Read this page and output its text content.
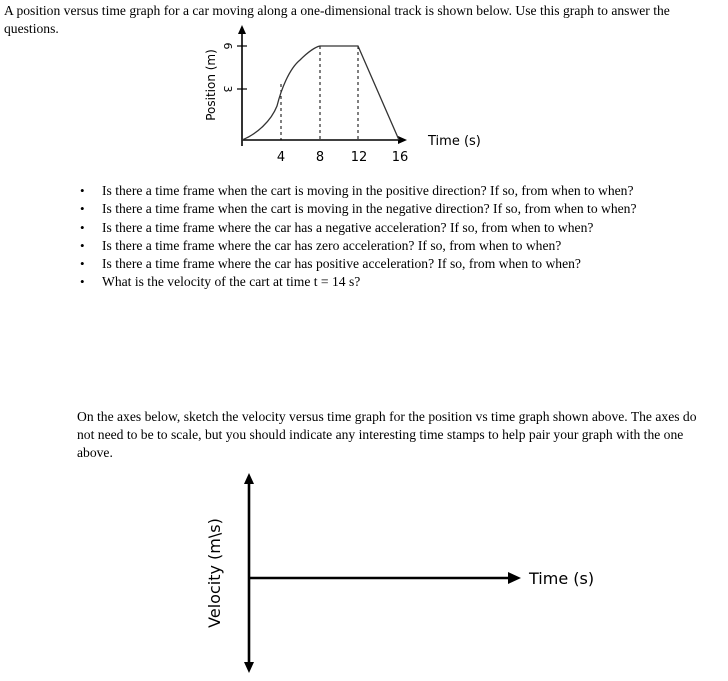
A position versus time graph for a car moving along a one-dimensional track is shown below. Use this graph to answer the questions.

Position (m)
6
3
4 8 12 16
Time (s)
• Is there a time frame when the cart is moving in the positive direction? If so, from when to when?
• Is there a time frame when the cart is moving in the negative direction? If so, from when to when?
• Is there a time frame where the car has a negative acceleration? If so, from when to when?
• Is there a time frame where the car has zero acceleration? If so, from when to when?
• Is there a time frame where the car has positive acceleration? If so, from when to when?
• What is the velocity of the cart at time t = 14 s?

On the axes below, sketch the velocity versus time graph for the position vs time graph shown above. The axes do not need to be to scale, but you should indicate any interesting time stamps to help pair your graph with the one above.

Velocity (m\s)	Time (s)
